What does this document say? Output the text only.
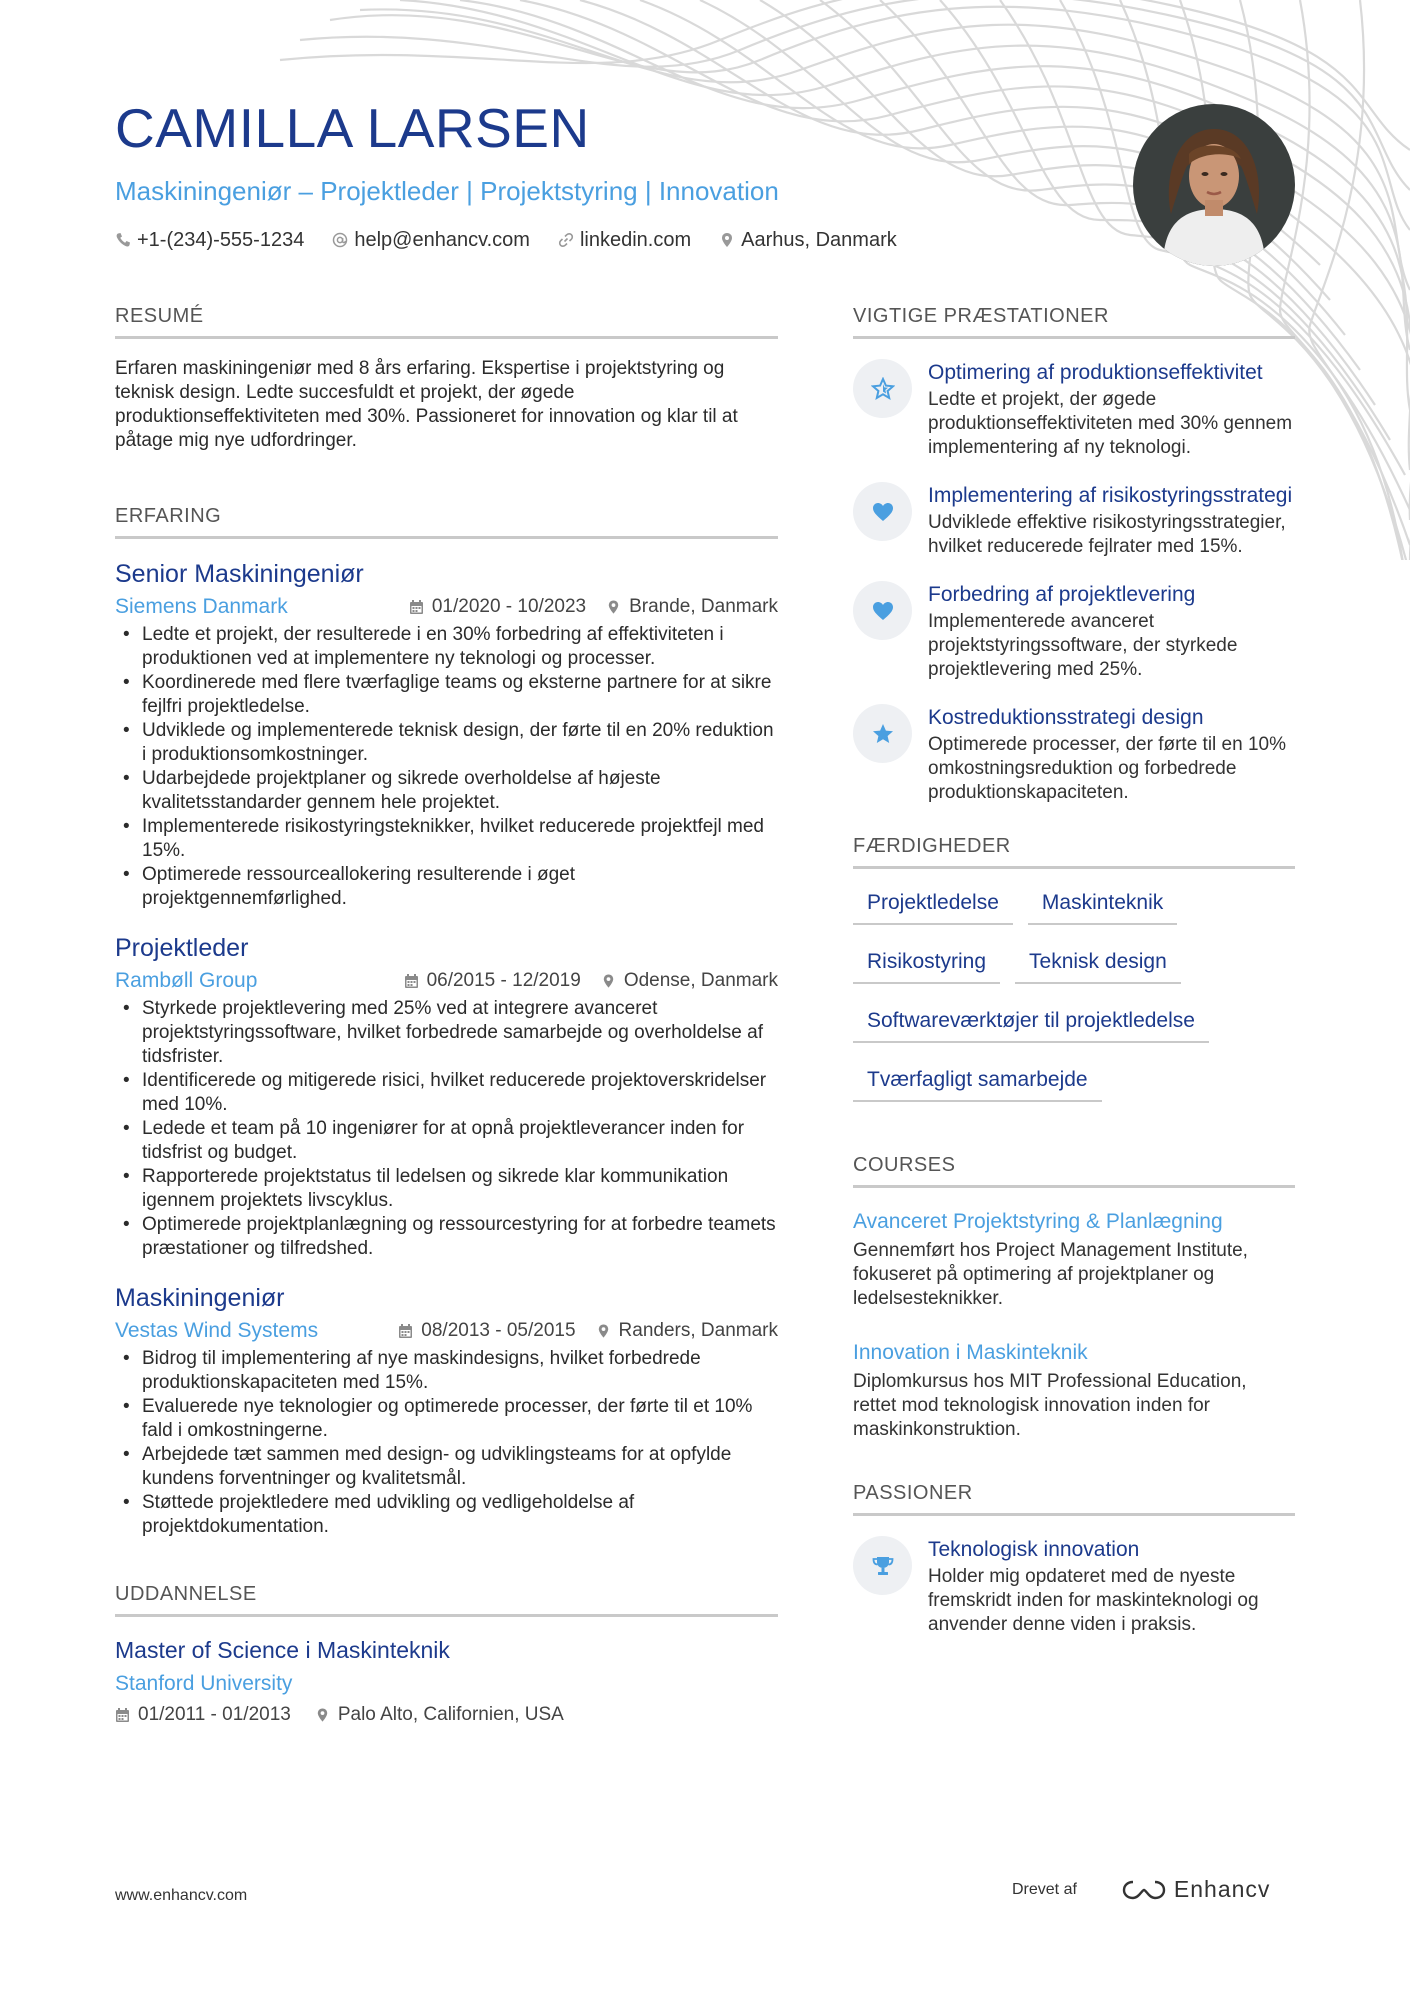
CAMILLA LARSEN
Maskiningeniør – Projektleder | Projektstyring | Innovation
+1-(234)-555-1234	help@enhancv.com	linkedin.com	Aarhus, Danmark
RESUMÉ

Erfaren maskiningeniør med 8 års erfaring. Ekspertise i projektstyring og teknisk design. Ledte succesfuldt et projekt, der øgede produktionseffektiviteten med 30%. Passioneret for innovation og klar til at påtage mig nye udfordringer.

ERFARING
Senior Maskiningeniør
Siemens Danmark	01/2020 - 10/2023 Brande, Danmark
• Ledte et projekt, der resulterede i en 30% forbedring af effektiviteten i produktionen ved at implementere ny teknologi og processer.
• Koordinerede med flere tværfaglige teams og eksterne partnere for at sikre fejlfri projektledelse.
• Udviklede og implementerede teknisk design, der førte til en 20% reduktion i produktionsomkostninger.
• Udarbejdede projektplaner og sikrede overholdelse af højeste kvalitetsstandarder gennem hele projektet.
• Implementerede risikostyringsteknikker, hvilket reducerede projektfejl med 15%.
• Optimerede ressourceallokering resulterende i øget projektgennemførlighed.
Projektleder
Rambøll Group	06/2015 - 12/2019 Odense, Danmark
• Styrkede projektlevering med 25% ved at integrere avanceret projektstyringssoftware, hvilket forbedrede samarbejde og overholdelse af tidsfrister.
• Identificerede og mitigerede risici, hvilket reducerede projektoverskridelser med 10%.
• Ledede et team på 10 ingeniører for at opnå projektleverancer inden for tidsfrist og budget.
• Rapporterede projektstatus til ledelsen og sikrede klar kommunikation igennem projektets livscyklus.
• Optimerede projektplanlægning og ressourcestyring for at forbedre teamets præstationer og tilfredshed.
Maskiningeniør
Vestas Wind Systems	08/2013 - 05/2015 Randers, Danmark
• Bidrog til implementering af nye maskindesigns, hvilket forbedrede produktionskapaciteten med 15%.
• Evaluerede nye teknologier og optimerede processer, der førte til et 10% fald i omkostningerne.
• Arbejdede tæt sammen med design- og udviklingsteams for at opfylde kundens forventninger og kvalitetsmål.
• Støttede projektledere med udvikling og vedligeholdelse af projektdokumentation.
UDDANNELSE
Master of Science i Maskinteknik
Stanford University
01/2011 - 01/2013 Palo Alto, Californien, USA
VIGTIGE PRÆSTATIONER
Optimering af produktionseffektivitet
Ledte et projekt, der øgede produktionseffektiviteten med 30% gennem implementering af ny teknologi.
Implementering af risikostyringsstrategi
Udviklede effektive risikostyringsstrategier, hvilket reducerede fejlrater med 15%.
Forbedring af projektlevering
Implementerede avanceret projektstyringssoftware, der styrkede projektlevering med 25%.
Kostreduktionsstrategi design
Optimerede processer, der førte til en 10% omkostningsreduktion og forbedrede produktionskapaciteten.
FÆRDIGHEDER
Projektledelse	Maskinteknik
Risikostyring	Teknisk design
Softwareværktøjer til projektledelse
Tværfagligt samarbejde
COURSES
Avanceret Projektstyring & Planlægning
Gennemført hos Project Management Institute, fokuseret på optimering af projektplaner og ledelsesteknikker.
Innovation i Maskinteknik
Diplomkursus hos MIT Professional Education, rettet mod teknologisk innovation inden for maskinkonstruktion.
PASSIONER
Teknologisk innovation
Holder mig opdateret med de nyeste fremskridt inden for maskinteknologi og anvender denne viden i praksis.
www.enhancv.com	Drevet af	Enhancv
